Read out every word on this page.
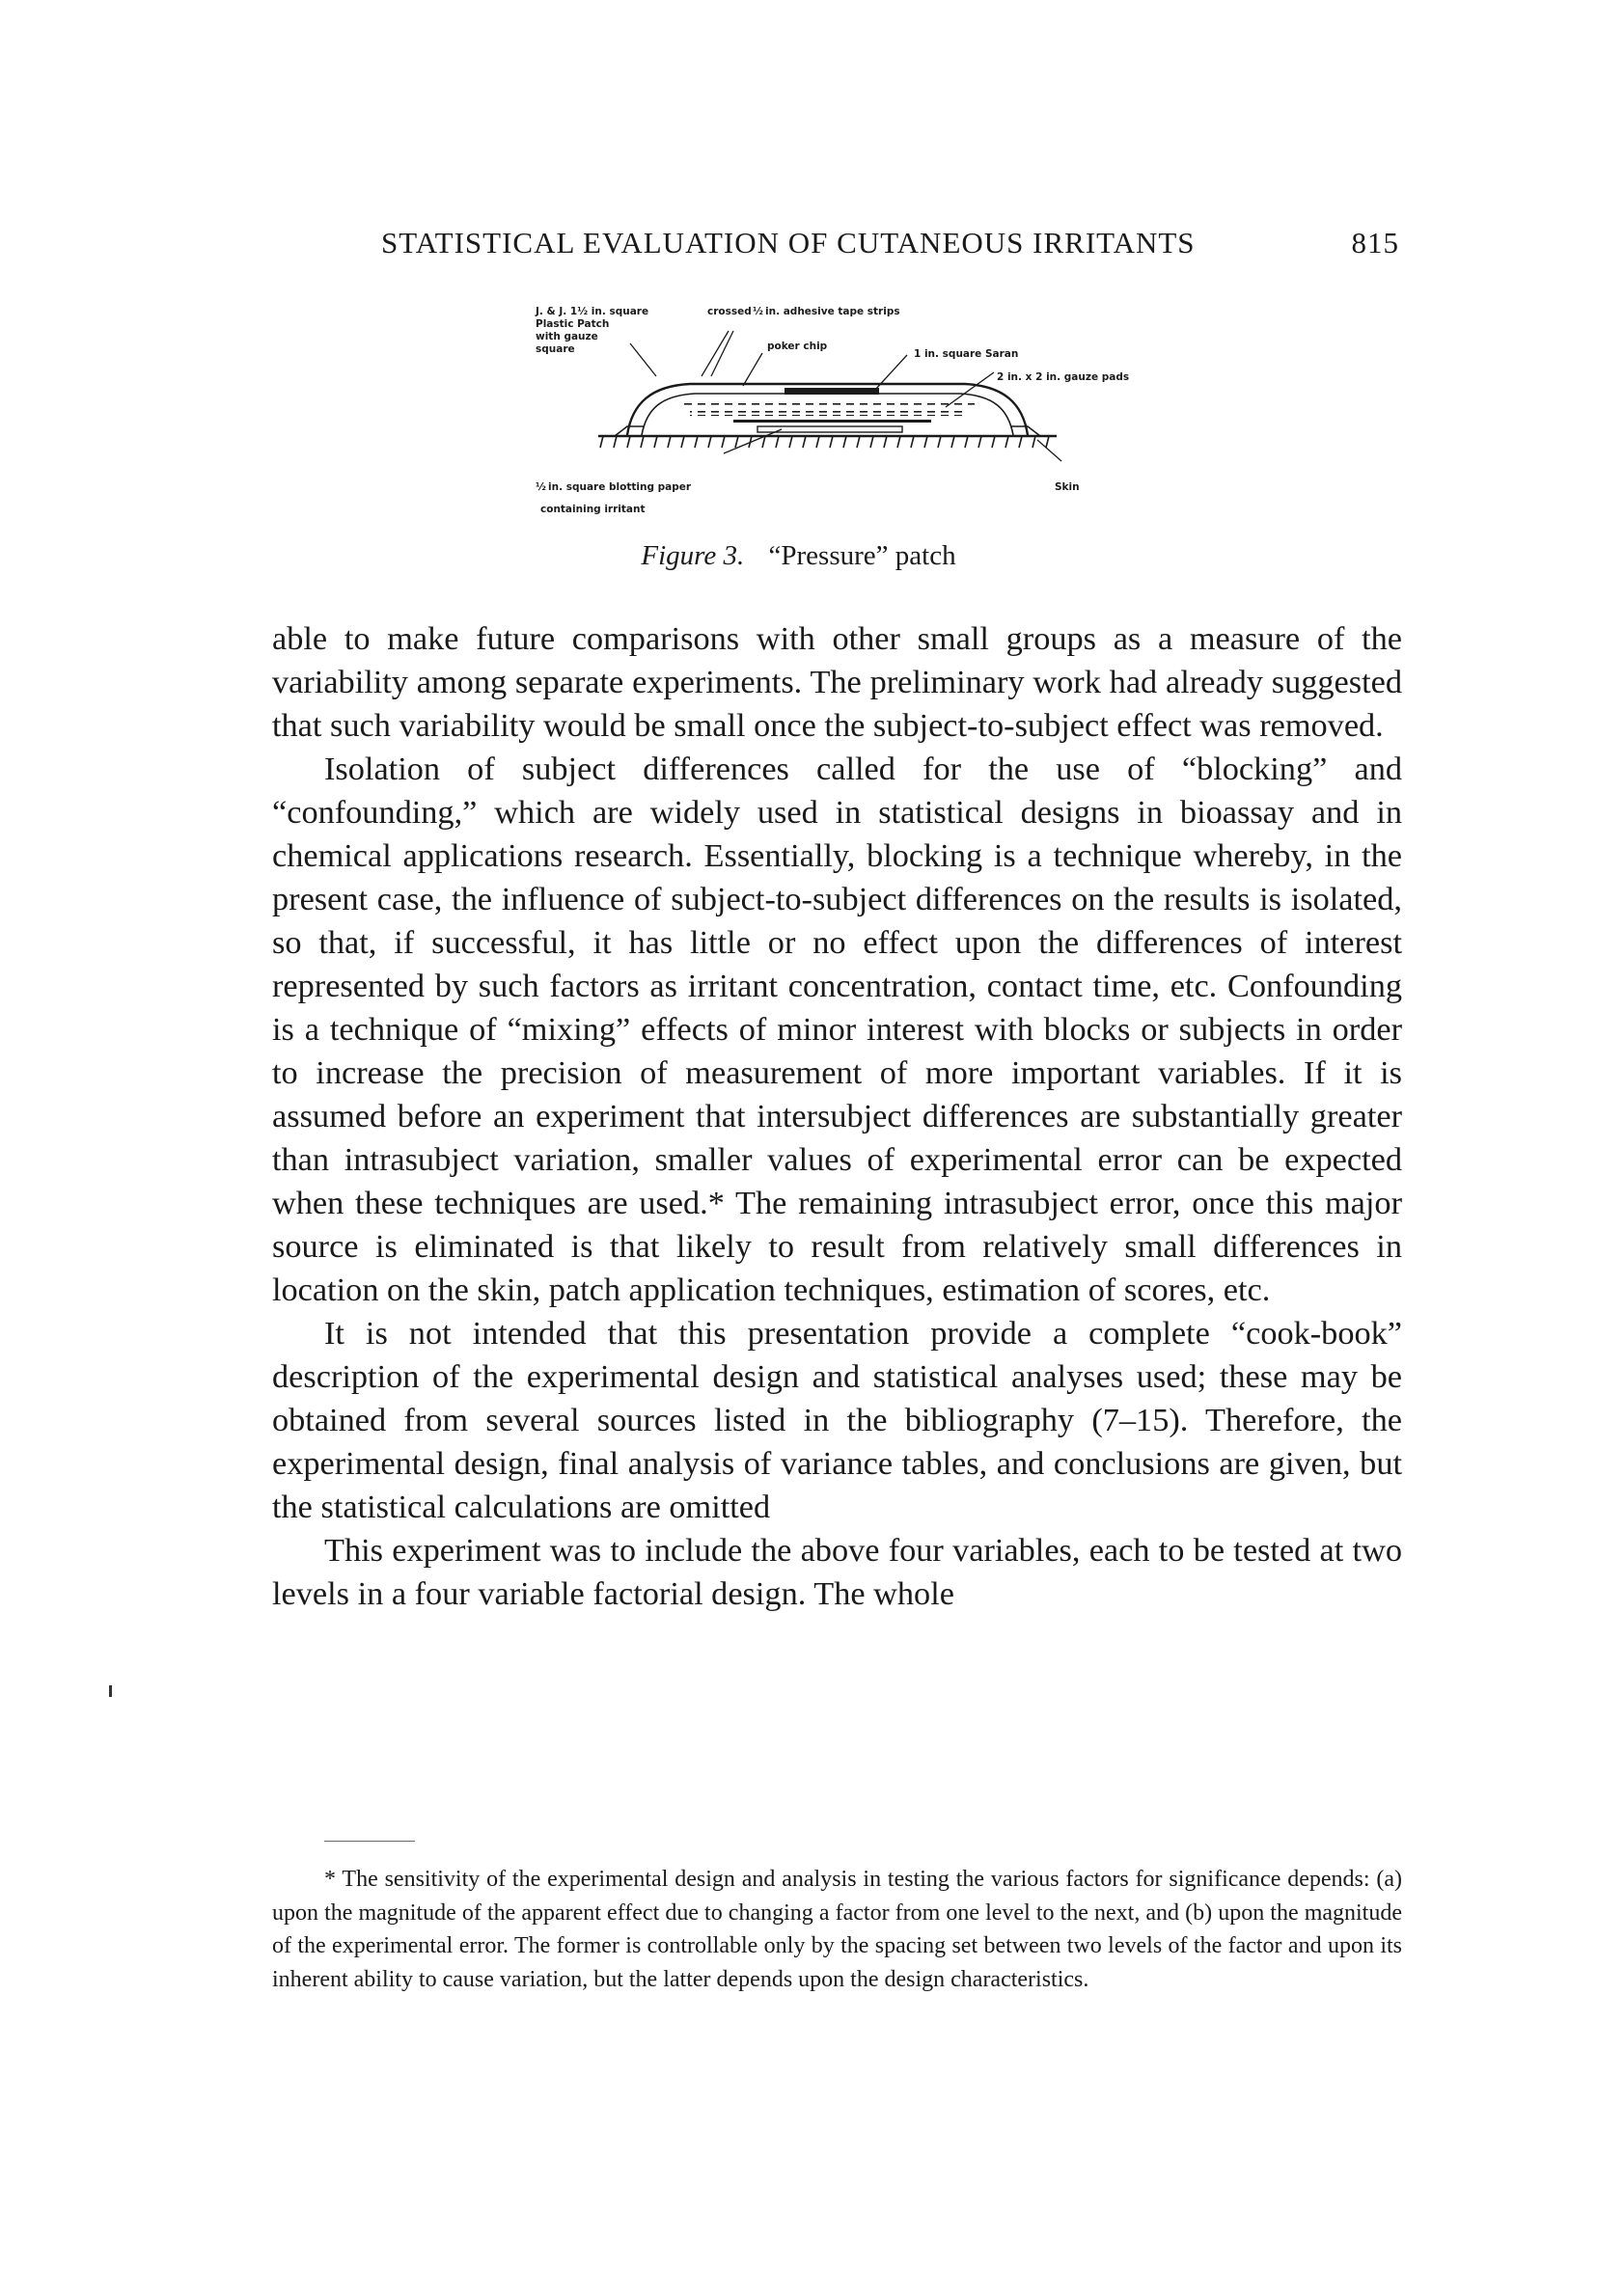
STATISTICAL EVALUATION OF CUTANEOUS IRRITANTS	815
J. & J. 1½ in. square
Plastic Patch
with gauze
square
crossed ½ in. adhesive tape strips
poker chip
1 in. square Saran
2 in. x 2 in. gauze pads
½ in. square blotting paper
containing irritant
Skin
Figure 3. “Pressure” patch

able to make future comparisons with other small groups as a measure of the variability among separate experiments. The preliminary work had already suggested that such variability would be small once the subject-to-subject effect was removed.

Isolation of subject differences called for the use of “blocking” and “confounding,” which are widely used in statistical designs in bioassay and in chemical applications research. Essentially, blocking is a technique whereby, in the present case, the influence of subject-to-subject differences on the results is isolated, so that, if successful, it has little or no effect upon the differences of interest represented by such factors as irritant concentration, contact time, etc. Confounding is a technique of “mixing” effects of minor interest with blocks or subjects in order to increase the precision of measurement of more important variables. If it is assumed before an experiment that intersubject differences are substantially greater than intrasubject variation, smaller values of experimental error can be expected when these techniques are used.* The remaining intrasubject error, once this major source is eliminated is that likely to result from relatively small differences in location on the skin, patch application techniques, estimation of scores, etc.

It is not intended that this presentation provide a complete “cook-book” description of the experimental design and statistical analyses used; these may be obtained from several sources listed in the bibliography (7–15). Therefore, the experimental design, final analysis of variance tables, and conclusions are given, but the statistical calculations are omitted

This experiment was to include the above four variables, each to be tested at two levels in a four variable factorial design. The whole

* The sensitivity of the experimental design and analysis in testing the various factors for significance depends: (a) upon the magnitude of the apparent effect due to changing a factor from one level to the next, and (b) upon the magnitude of the experimental error. The former is controllable only by the spacing set between two levels of the factor and upon its inherent ability to cause variation, but the latter depends upon the design characteristics.
